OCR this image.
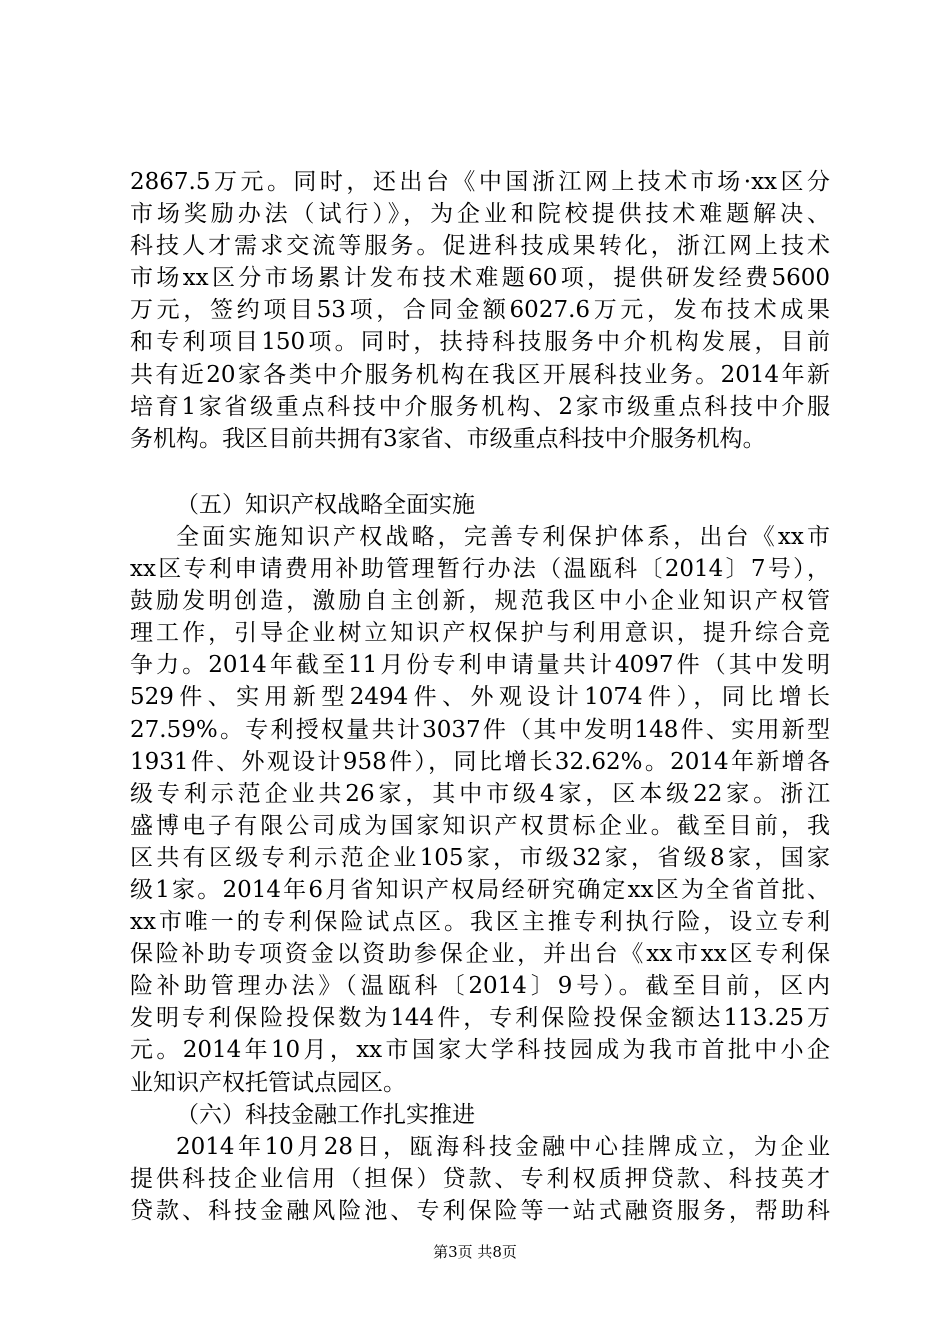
2867.5万元。同时，还出台《中国浙江网上技术市场·xx区分
市场奖励办法（试行）》，为企业和院校提供技术难题解决、
科技人才需求交流等服务。促进科技成果转化，浙江网上技术
市场xx区分市场累计发布技术难题60项，提供研发经费5600
万元，签约项目53项，合同金额6027.6万元，发布技术成果
和专利项目150项。同时，扶持科技服务中介机构发展，目前
共有近20家各类中介服务机构在我区开展科技业务。2014年新
培育1家省级重点科技中介服务机构、2家市级重点科技中介服
务机构。我区目前共拥有3家省、市级重点科技中介服务机构。
（五）知识产权战略全面实施
全面实施知识产权战略，完善专利保护体系，出台《xx市
xx区专利申请费用补助管理暂行办法（温瓯科〔2014〕7号），
鼓励发明创造，激励自主创新，规范我区中小企业知识产权管
理工作，引导企业树立知识产权保护与利用意识，提升综合竞
争力。2014年截至11月份专利申请量共计4097件（其中发明
529件、实用新型2494件、外观设计1074件），同比增长
27.59%。专利授权量共计3037件（其中发明148件、实用新型
1931件、外观设计958件），同比增长32.62%。2014年新增各
级专利示范企业共26家，其中市级4家，区本级22家。浙江
盛博电子有限公司成为国家知识产权贯标企业。截至目前，我
区共有区级专利示范企业105家，市级32家，省级8家，国家
级1家。2014年6月省知识产权局经研究确定xx区为全省首批、
xx市唯一的专利保险试点区。我区主推专利执行险，设立专利
保险补助专项资金以资助参保企业，并出台《xx市xx区专利保
险补助管理办法》（温瓯科〔2014〕9号）。截至目前，区内
发明专利保险投保数为144件，专利保险投保金额达113.25万
元。2014年10月，xx市国家大学科技园成为我市首批中小企
业知识产权托管试点园区。
（六）科技金融工作扎实推进
2014年10月28日，瓯海科技金融中心挂牌成立，为企业
提供科技企业信用（担保）贷款、专利权质押贷款、科技英才
贷款、科技金融风险池、专利保险等一站式融资服务，帮助科
第3页 共8页
